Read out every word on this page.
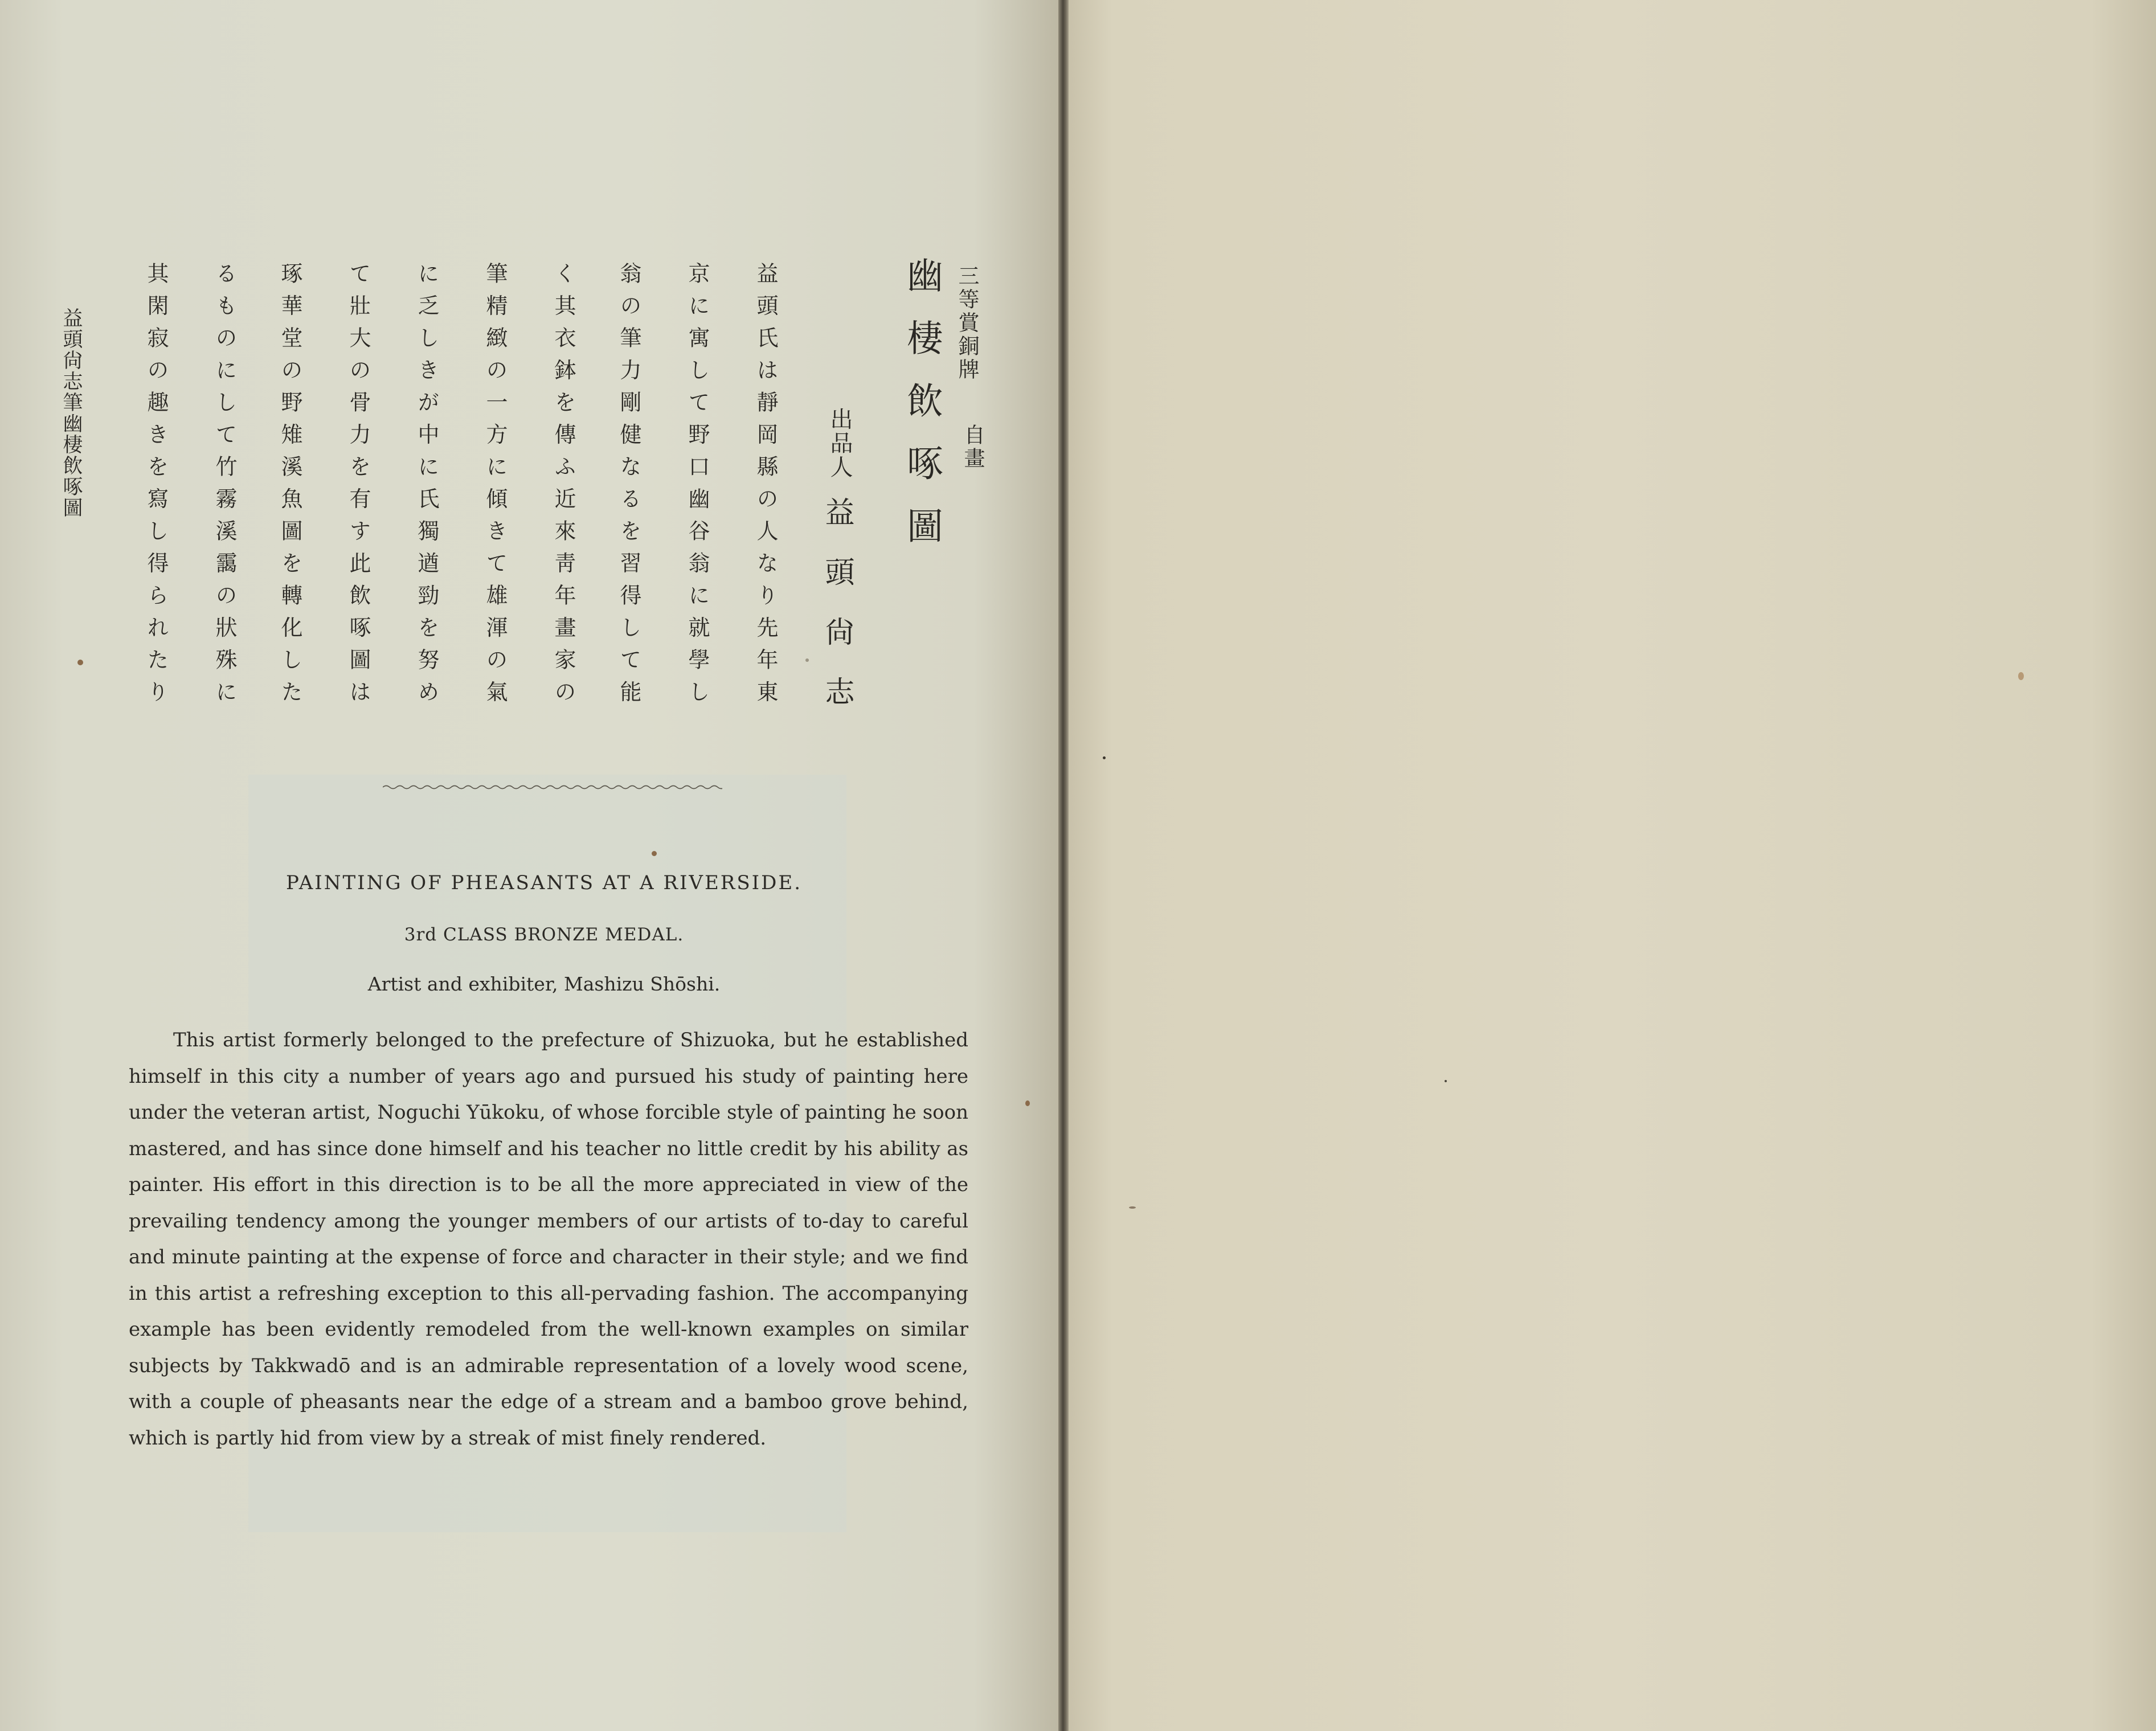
益頭尙志筆幽棲飲啄圖	其閑寂の趣きを寫し得られたり るものにして竹霧溪靄の狀殊に 琢華堂の野雉溪魚圖を轉化した て壯大の骨力を有す此飲啄圖は に乏しきが中に氏獨遒勁を努め 筆精緻の一方に傾きて雄渾の氣 く其衣鉢を傳ふ近來靑年畫家の 翁の筆力剛健なるを習得して能 京に寓して野口幽谷翁に就學し 益頭氏は靜岡縣の人なり先年東 出品人
益頭尙志
幽棲飲啄圖 三等賞銅牌
自畫
PAINTING OF PHEASANTS AT A RIVERSIDE.
3rd CLASS BRONZE MEDAL.
Artist and exhibiter, Mashizu Shōshi.
This artist formerly belonged to the prefecture of Shizuoka, but he established himself in this city a number of years ago and pursued his study of painting here under the veteran artist, Noguchi Yūkoku, of whose forcible style of painting he soon mastered, and has since done himself and his teacher no little credit by his ability as painter. His effort in this direction is to be all the more appreciated in view of the prevailing tendency among the younger members of our artists of to-day to careful and minute painting at the expense of force and character in their style; and we find in this artist a refreshing exception to this all-pervading fashion. The accompanying example has been evidently remodeled from the well-known examples on similar subjects by Takkwadō and is an admirable representation of a lovely wood scene, with a couple of pheasants near the edge of a stream and a bamboo grove behind, which is partly hid from view by a streak of mist finely rendered.
